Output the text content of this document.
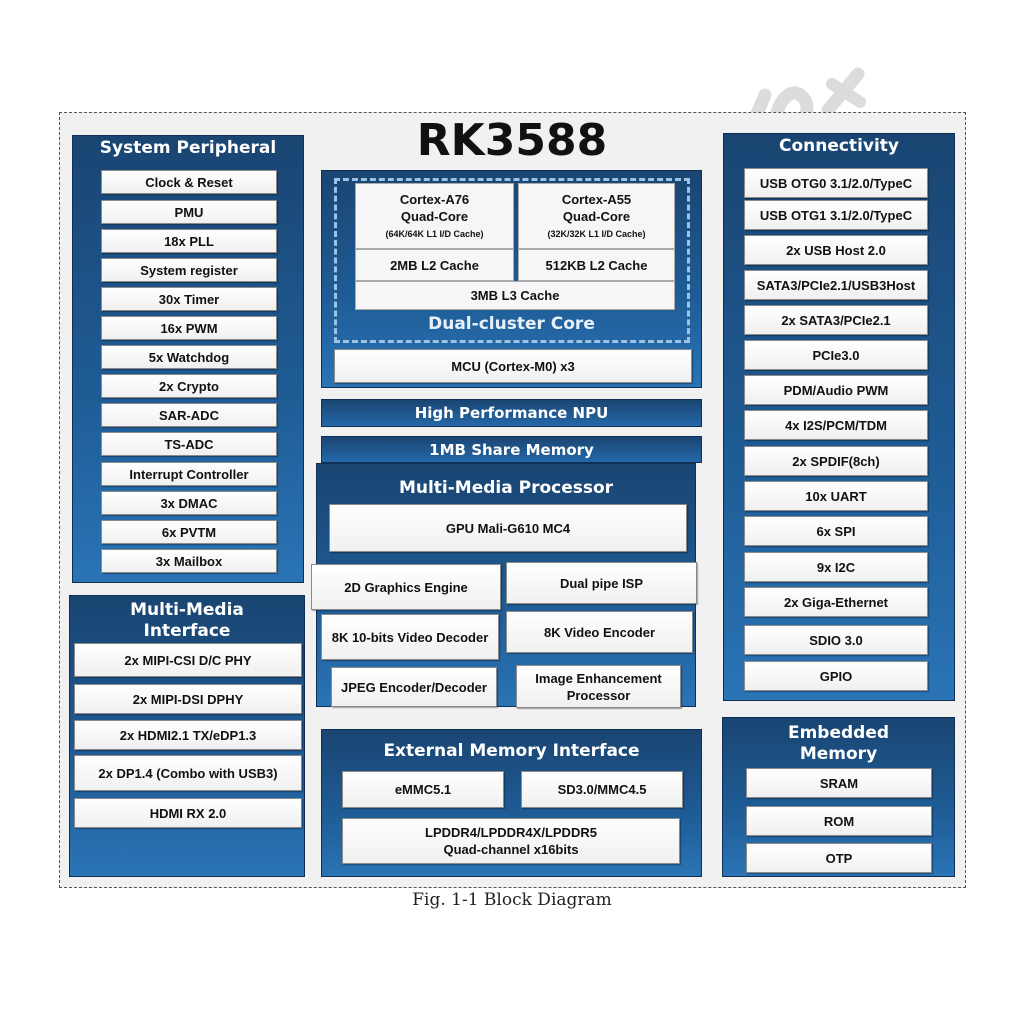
RK3588
System Peripheral
Clock & Reset
PMU
18x PLL
System register
30x Timer
16x PWM
5x Watchdog
2x Crypto
SAR-ADC
TS-ADC
Interrupt Controller
3x DMAC
6x PVTM
3x Mailbox
Multi-Media Interface
2x MIPI-CSI D/C PHY
2x MIPI-DSI DPHY
2x HDMI2.1 TX/eDP1.3
2x DP1.4 (Combo with USB3)
HDMI RX 2.0
Cortex-A76
Quad-Core
(64K/64K L1 I/D Cache)
Cortex-A55
Quad-Core
(32K/32K L1 I/D Cache)
2MB L2 Cache	512KB L2 Cache
3MB L3 Cache
Dual-cluster Core
MCU (Cortex-M0) x3
High Performance NPU
1MB Share Memory
Multi-Media Processor
GPU Mali-G610 MC4
2D Graphics Engine	Dual pipe ISP
8K 10-bits Video Decoder	8K Video Encoder
JPEG Encoder/Decoder
Image Enhancement
Processor
External Memory Interface
eMMC5.1	SD3.0/MMC4.5
LPDDR4/LPDDR4X/LPDDR5
Quad-channel x16bits
Connectivity
USB OTG0 3.1/2.0/TypeC
USB OTG1 3.1/2.0/TypeC
2x USB Host 2.0
SATA3/PCIe2.1/USB3Host
2x SATA3/PCIe2.1
PCIe3.0
PDM/Audio PWM
4x I2S/PCM/TDM
2x SPDIF(8ch)
10x UART
6x SPI
9x I2C
2x Giga-Ethernet
SDIO 3.0
GPIO
Embedded Memory
SRAM
ROM
OTP
Fig. 1-1 Block Diagram
